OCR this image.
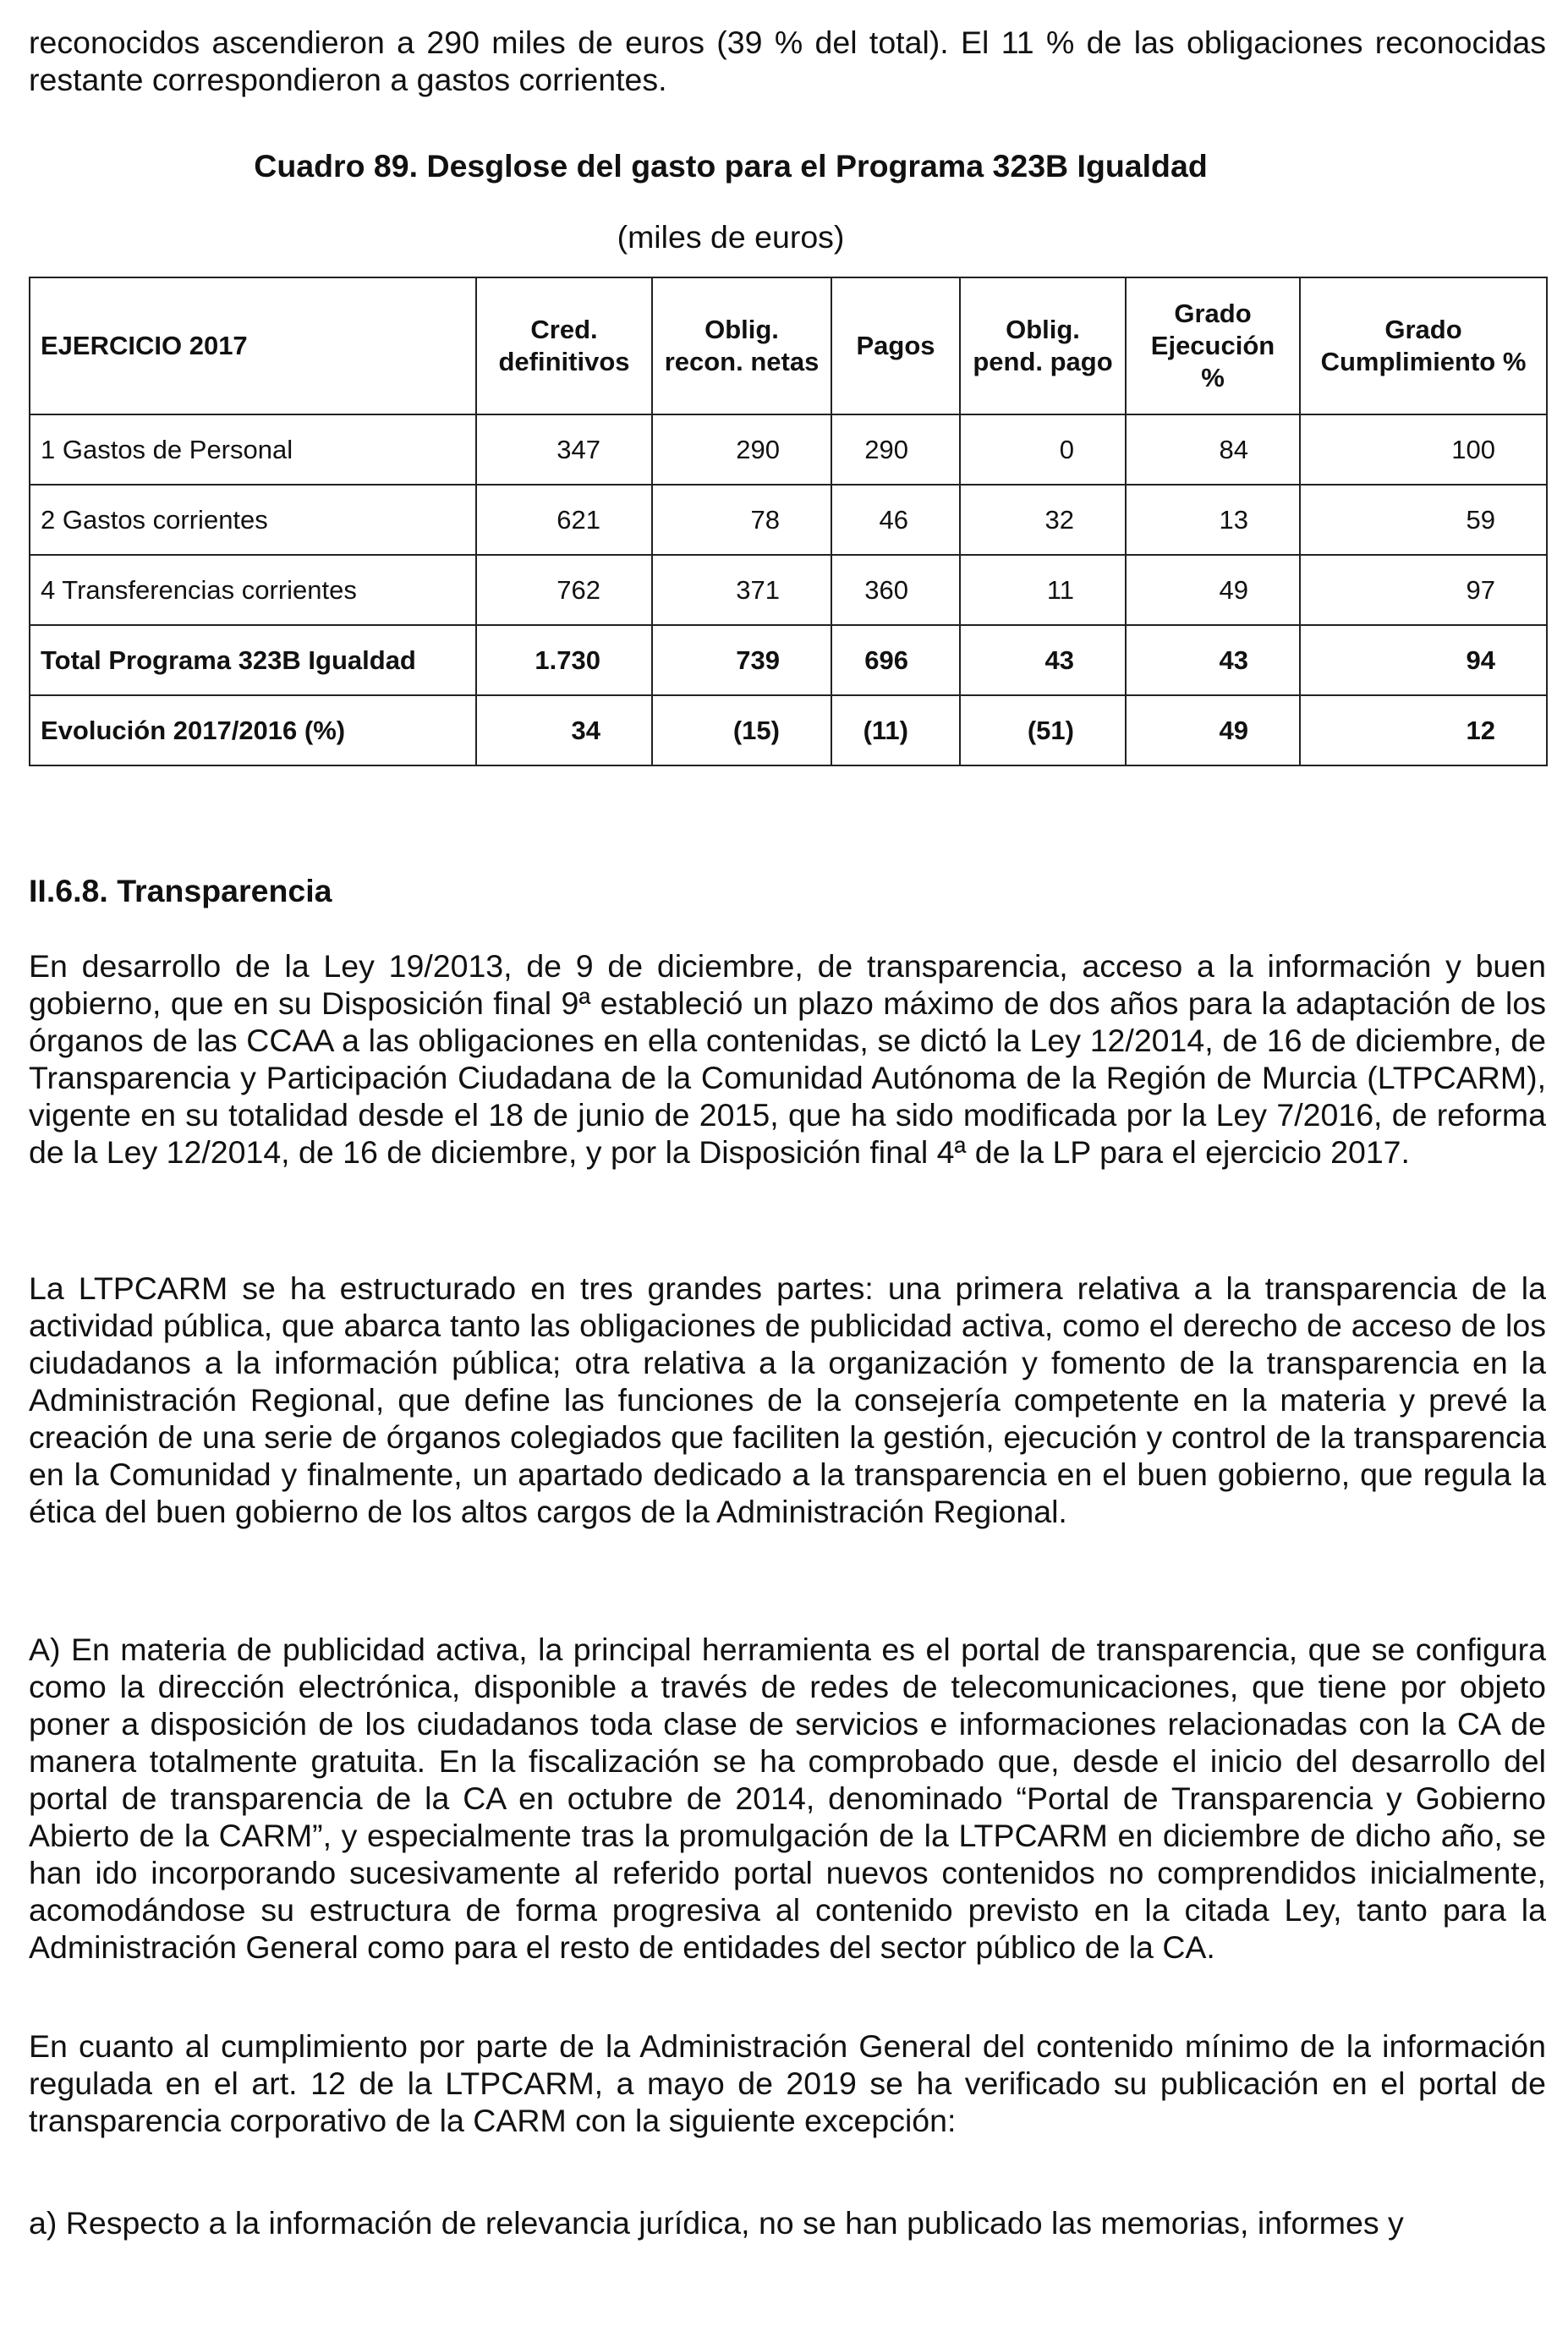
reconocidos ascendieron a 290 miles de euros (39 % del total). El 11 % de las obligaciones reconocidas restante correspondieron a gastos corrientes.

Cuadro 89. Desglose del gasto para el Programa 323B Igualdad
(miles de euros)
EJERCICIO 2017	Cred. definitivos	Oblig. recon. netas	Pagos	Oblig. pend. pago	Grado Ejecución %	Grado Cumplimiento %
1 Gastos de Personal	347	290	290	0	84	100
2 Gastos corrientes	621	78	46	32	13	59
4 Transferencias corrientes	762	371	360	11	49	97
Total Programa 323B Igualdad	1.730	739	696	43	43	94
Evolución 2017/2016 (%)	34	(15)	(11)	(51)	49	12
II.6.8. Transparencia

En desarrollo de la Ley 19/2013, de 9 de diciembre, de transparencia, acceso a la información y buen gobierno, que en su Disposición final 9ª estableció un plazo máximo de dos años para la adaptación de los órganos de las CCAA a las obligaciones en ella contenidas, se dictó la Ley 12/2014, de 16 de diciembre, de Transparencia y Participación Ciudadana de la Comunidad Autónoma de la Región de Murcia (LTPCARM), vigente en su totalidad desde el 18 de junio de 2015, que ha sido modificada por la Ley 7/2016, de reforma de la Ley 12/2014, de 16 de diciembre, y por la Disposición final 4ª de la LP para el ejercicio 2017.

La LTPCARM se ha estructurado en tres grandes partes: una primera relativa a la transparencia de la actividad pública, que abarca tanto las obligaciones de publicidad activa, como el derecho de acceso de los ciudadanos a la información pública; otra relativa a la organización y fomento de la transparencia en la Administración Regional, que define las funciones de la consejería competente en la materia y prevé la creación de una serie de órganos colegiados que faciliten la gestión, ejecución y control de la transparencia en la Comunidad y finalmente, un apartado dedicado a la transparencia en el buen gobierno, que regula la ética del buen gobierno de los altos cargos de la Administración Regional.

A) En materia de publicidad activa, la principal herramienta es el portal de transparencia, que se configura como la dirección electrónica, disponible a través de redes de telecomunicaciones, que tiene por objeto poner a disposición de los ciudadanos toda clase de servicios e informaciones relacionadas con la CA de manera totalmente gratuita. En la fiscalización se ha comprobado que, desde el inicio del desarrollo del portal de transparencia de la CA en octubre de 2014, denominado “Portal de Transparencia y Gobierno Abierto de la CARM”, y especialmente tras la promulgación de la LTPCARM en diciembre de dicho año, se han ido incorporando sucesivamente al referido portal nuevos contenidos no comprendidos inicialmente, acomodándose su estructura de forma progresiva al contenido previsto en la citada Ley, tanto para la Administración General como para el resto de entidades del sector público de la CA.

En cuanto al cumplimiento por parte de la Administración General del contenido mínimo de la información regulada en el art. 12 de la LTPCARM, a mayo de 2019 se ha verificado su publicación en el portal de transparencia corporativo de la CARM con la siguiente excepción:

a) Respecto a la información de relevancia jurídica, no se han publicado las memorias, informes y
